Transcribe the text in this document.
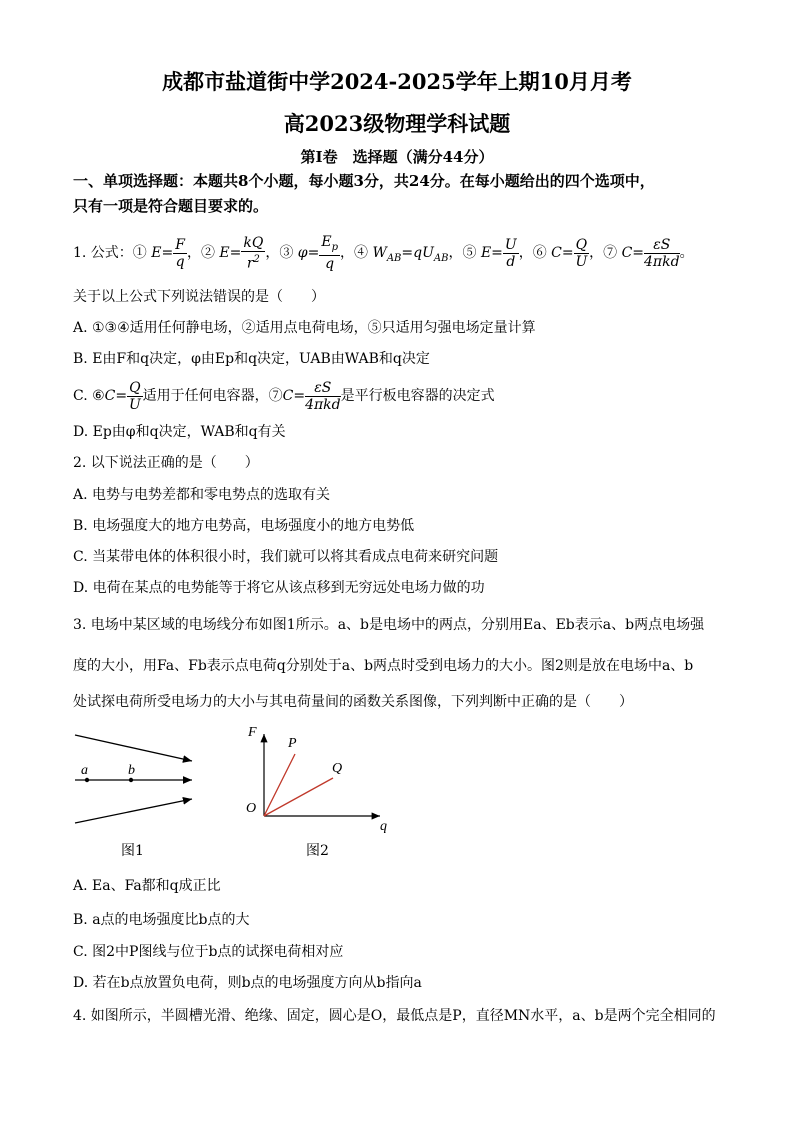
成都市盐道街中学2024-2025学年上期10月月考
高2023级物理学科试题
第Ⅰ卷　选择题（满分44分）
一、单项选择题：本题共8个小题，每小题3分，共24分。在每小题给出的四个选项中，
只有一项是符合题目要求的。
1. 公式：① $E= \frac{F}{q}$ ，② $E= \frac{kQ}{r^2}$ ，③ $\varphi= \frac{E_p}{q}$ ，④ $W_{AB}=qU_{AB}$，⑤ $E= \frac{U}{d}$ ，⑥ $C= \frac{Q}{U}$ ，⑦ $C= \frac{\varepsilon S}{\text{4πkd}}$ 。
关于以上公式下列说法错误的是（　　）
A. ①③④适用任何静电场，②适用点电荷电场，⑤只适用匀强电场定量计算
B. E由F和q决定，φ由Ep和q决定，UAB由WAB和q决定
C. ⑥C= $\frac{Q}{U}$ 适用于任何电容器，⑦C= $\frac{\varepsilon S}{\text{4πkd}}$ 是平行板电容器的决定式
D. Ep由φ和q决定，WAB和q有关
2. 以下说法正确的是（　　）
A. 电势与电势差都和零电势点的选取有关
B. 电场强度大的地方电势高，电场强度小的地方电势低
C. 当某带电体的体积很小时，我们就可以将其看成点电荷来研究问题
D. 电荷在某点的电势能等于将它从该点移到无穷远处电场力做的功
3. 电场中某区域的电场线分布如图1所示。a、b是电场中的两点，分别用Ea、Eb表示a、b两点电场强
度的大小，用Fa、Fb表示点电荷q分别处于a、b两点时受到电场力的大小。图2则是放在电场中a、b
处试探电荷所受电场力的大小与其电荷量间的函数关系图像，下列判断中正确的是（　　）
a	b
图1
F
P
Q
O
q
图2
A. Ea、Fa都和q成正比
B. a点的电场强度比b点的大
C. 图2中P图线与位于b点的试探电荷相对应
D. 若在b点放置负电荷，则b点的电场强度方向从b指向a
4. 如图所示，半圆槽光滑、绝缘、固定，圆心是O，最低点是P，直径MN水平，a、b是两个完全相同的
